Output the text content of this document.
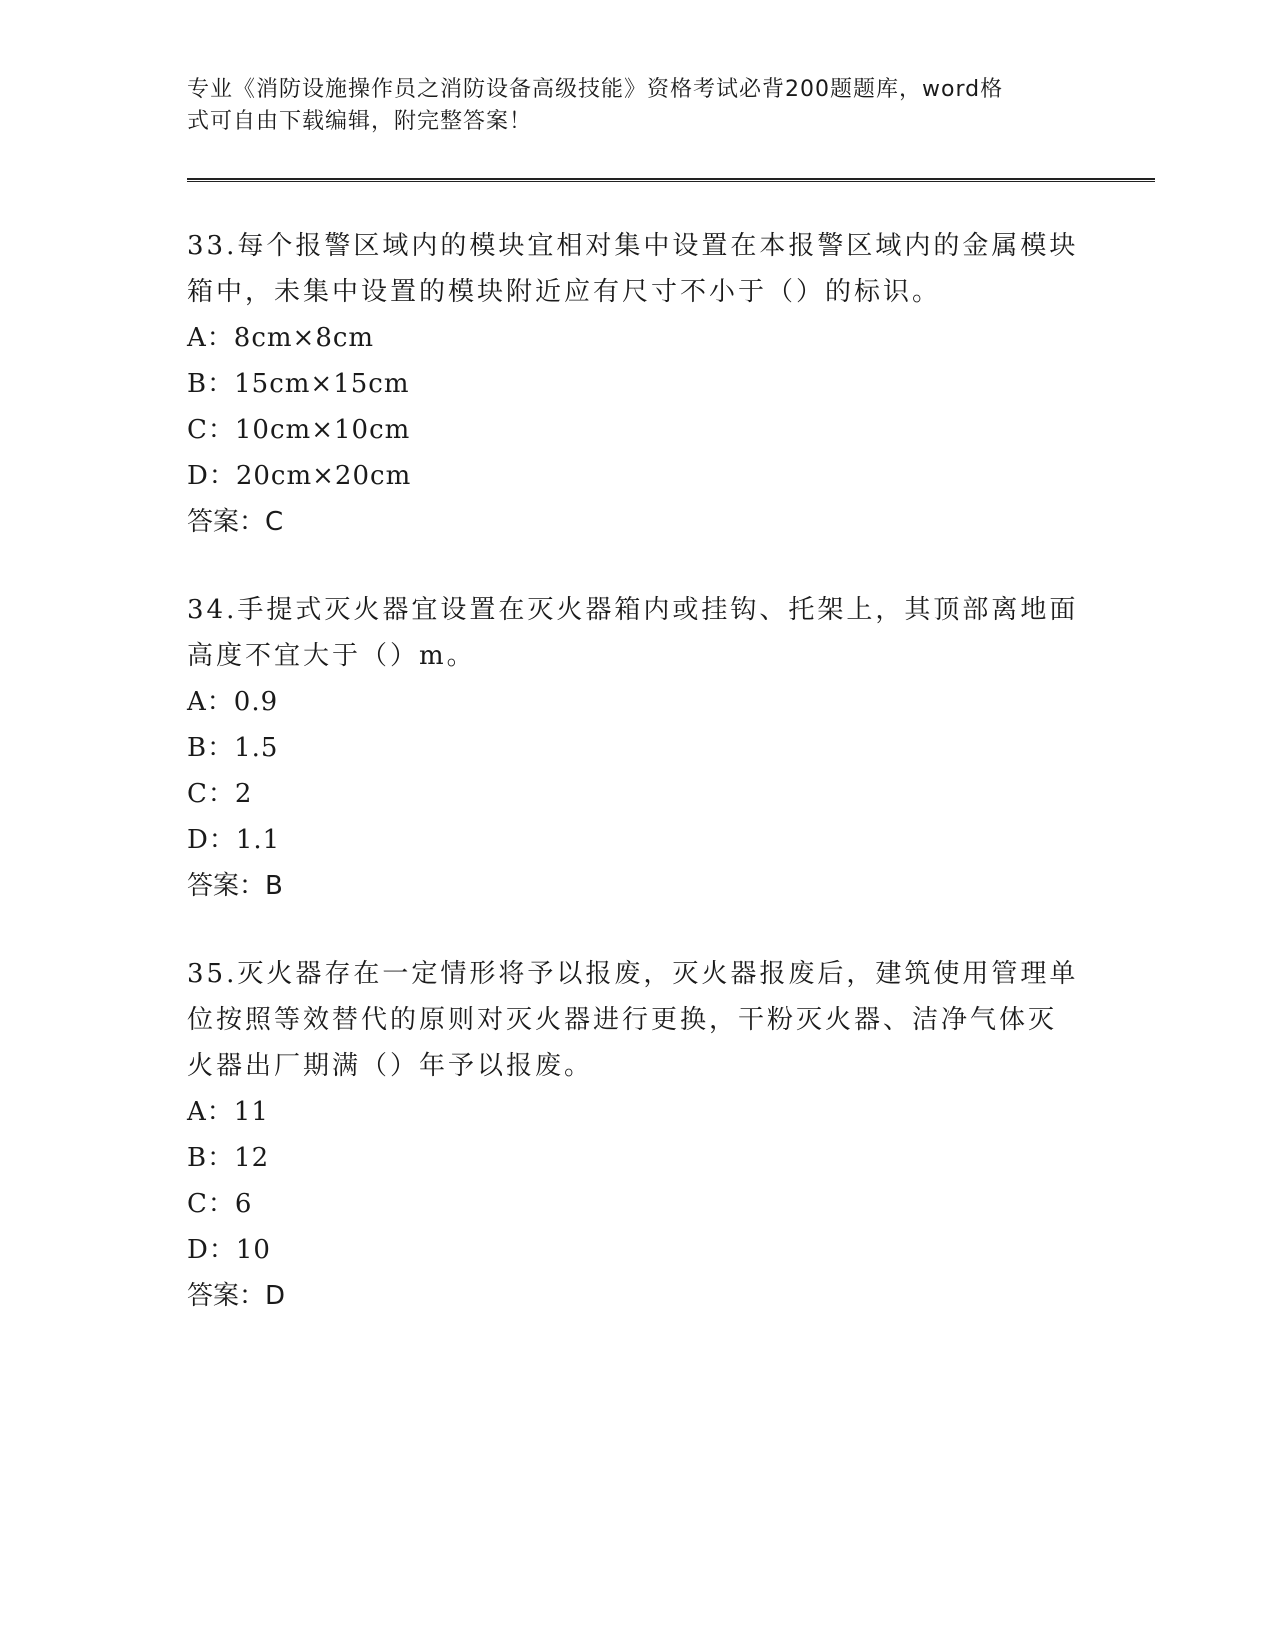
专业《消防设施操作员之消防设备高级技能》资格考试必背200题题库，word格
式可自由下载编辑，附完整答案！

33.每个报警区域内的模块宜相对集中设置在本报警区域内的金属模块

箱中，未集中设置的模块附近应有尺寸不小于（）的标识。

A：8cm×8cm

B：15cm×15cm

C：10cm×10cm

D：20cm×20cm

答案：C

34.手提式灭火器宜设置在灭火器箱内或挂钩、托架上，其顶部离地面

高度不宜大于（）m。

A：0.9

B：1.5

C：2

D：1.1

答案：B

35.灭火器存在一定情形将予以报废，灭火器报废后，建筑使用管理单

位按照等效替代的原则对灭火器进行更换，干粉灭火器、洁净气体灭

火器出厂期满（）年予以报废。

A：11

B：12

C：6

D：10

答案：D
